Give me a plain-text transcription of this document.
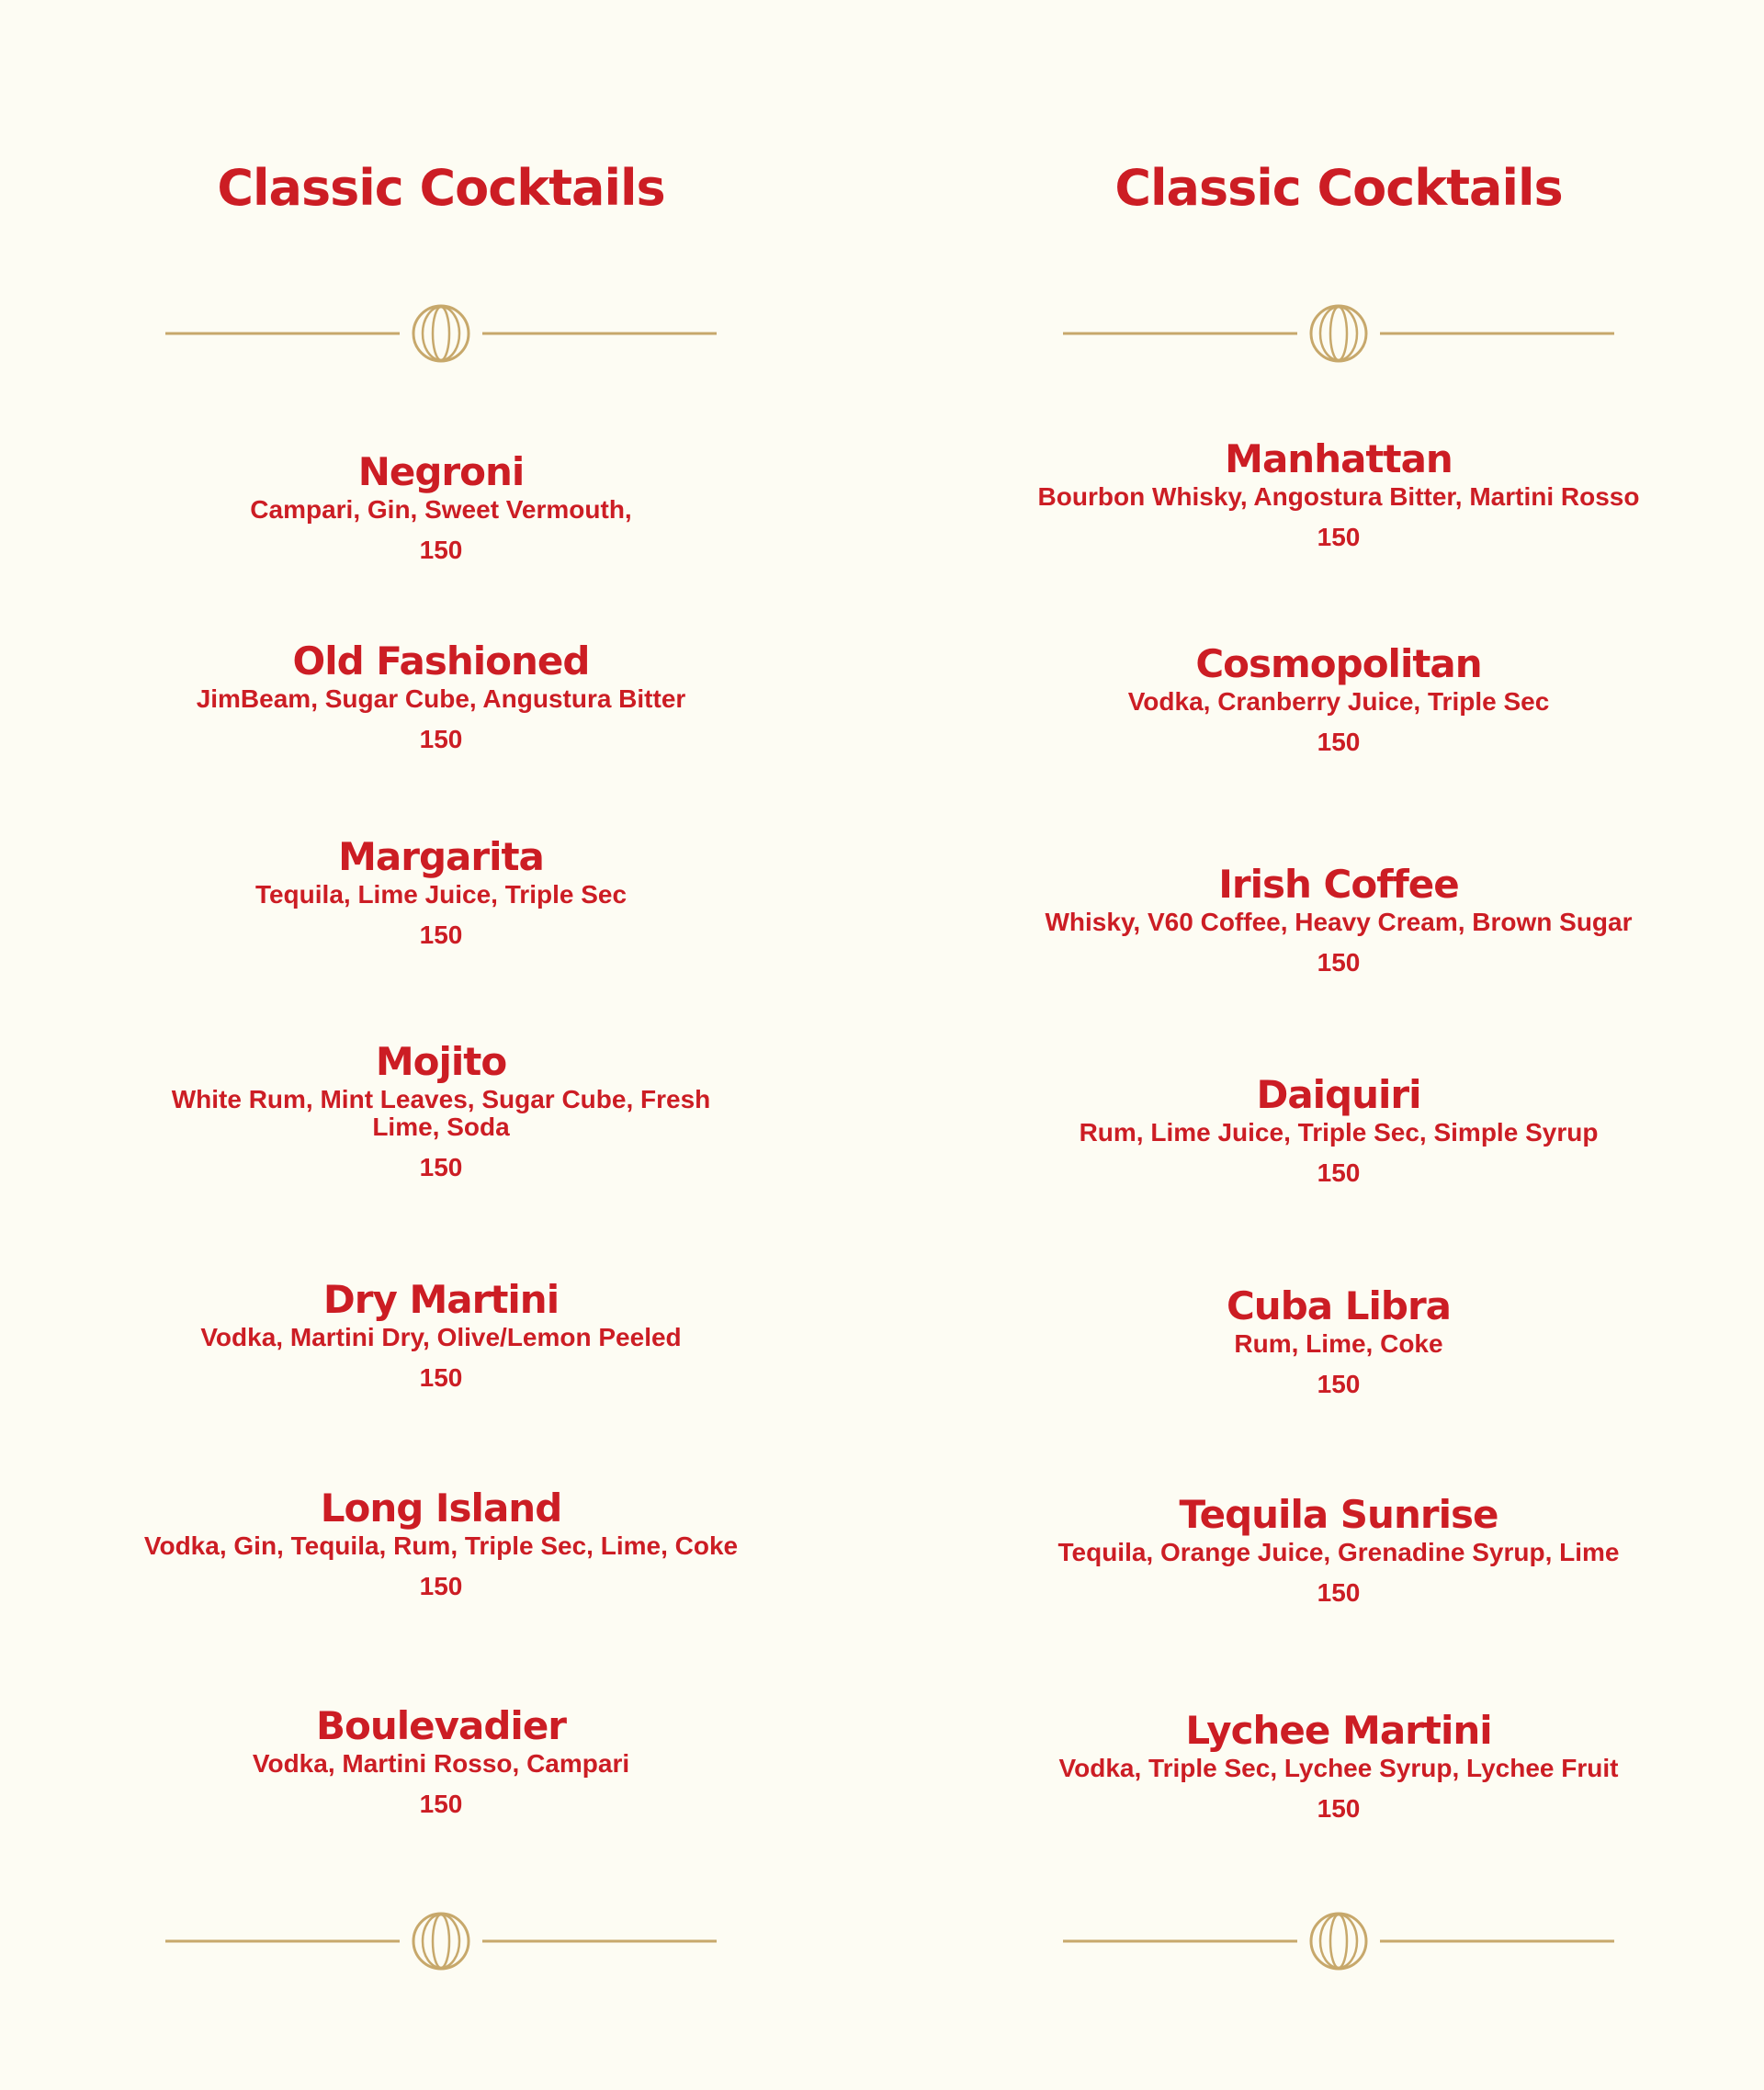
Classic Cocktails
Negroni
Campari, Gin, Sweet Vermouth,
150
Old Fashioned
JimBeam, Sugar Cube, Angustura Bitter
150
Margarita
Tequila, Lime Juice, Triple Sec
150
Mojito
White Rum, Mint Leaves, Sugar Cube, Fresh Lime, Soda
150
Dry Martini
Vodka, Martini Dry, Olive/Lemon Peeled
150
Long Island
Vodka, Gin, Tequila, Rum, Triple Sec, Lime, Coke
150
Boulevadier
Vodka, Martini Rosso, Campari
150
Classic Cocktails
Manhattan
Bourbon Whisky, Angostura Bitter, Martini Rosso
150
Cosmopolitan
Vodka, Cranberry Juice, Triple Sec
150
Irish Coffee
Whisky, V60 Coffee, Heavy Cream, Brown Sugar
150
Daiquiri
Rum, Lime Juice, Triple Sec, Simple Syrup
150
Cuba Libra
Rum, Lime, Coke
150
Tequila Sunrise
Tequila, Orange Juice, Grenadine Syrup, Lime
150
Lychee Martini
Vodka, Triple Sec, Lychee Syrup, Lychee Fruit
150
